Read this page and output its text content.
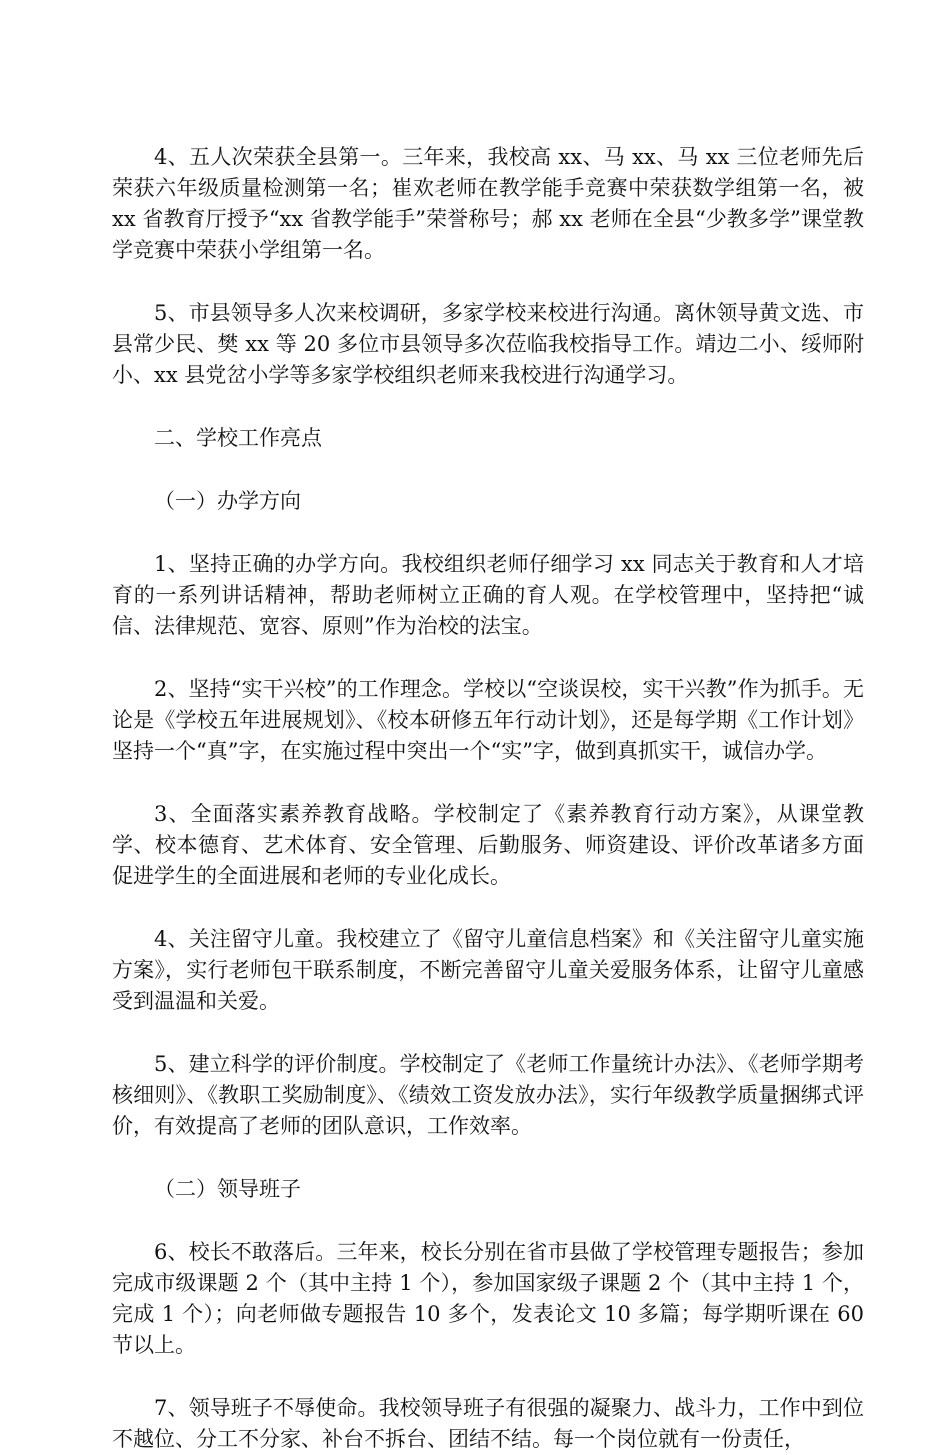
4、五人次荣获全县第一。三年来，我校高 xx、马 xx、马 xx 三位老师先后荣获六年级质量检测第一名；崔欢老师在教学能手竞赛中荣获数学组第一名，被 xx 省教育厅授予“xx 省教学能手”荣誉称号；郝 xx 老师在全县“少教多学”课堂教学竞赛中荣获小学组第一名。

5、市县领导多人次来校调研，多家学校来校进行沟通。离休领导黄文选、市县常少民、樊 xx 等 20 多位市县领导多次莅临我校指导工作。靖边二小、绥师附小、xx 县党岔小学等多家学校组织老师来我校进行沟通学习。

二、学校工作亮点

（一）办学方向

1、坚持正确的办学方向。我校组织老师仔细学习 xx 同志关于教育和人才培育的一系列讲话精神，帮助老师树立正确的育人观。在学校管理中，坚持把“诚信、法律规范、宽容、原则”作为治校的法宝。

2、坚持“实干兴校”的工作理念。学校以“空谈误校，实干兴教”作为抓手。无论是《学校五年进展规划》、《校本研修五年行动计划》，还是每学期《工作计划》坚持一个“真”字，在实施过程中突出一个“实”字，做到真抓实干，诚信办学。

3、全面落实素养教育战略。学校制定了《素养教育行动方案》，从课堂教学、校本德育、艺术体育、安全管理、后勤服务、师资建设、评价改革诸多方面促进学生的全面进展和老师的专业化成长。

4、关注留守儿童。我校建立了《留守儿童信息档案》和《关注留守儿童实施方案》，实行老师包干联系制度，不断完善留守儿童关爱服务体系，让留守儿童感受到温温和关爱。

5、建立科学的评价制度。学校制定了《老师工作量统计办法》、《老师学期考核细则》、《教职工奖励制度》、《绩效工资发放办法》，实行年级教学质量捆绑式评价，有效提高了老师的团队意识，工作效率。

（二）领导班子

6、校长不敢落后。三年来，校长分别在省市县做了学校管理专题报告；参加完成市级课题 2 个（其中主持 1 个），参加国家级子课题 2 个（其中主持 1 个，完成 1 个）；向老师做专题报告 10 多个，发表论文 10 多篇；每学期听课在 60 节以上。

7、领导班子不辱使命。我校领导班子有很强的凝聚力、战斗力，工作中到位不越位、分工不分家、补台不拆台、团结不结。每一个岗位就有一份责任，
